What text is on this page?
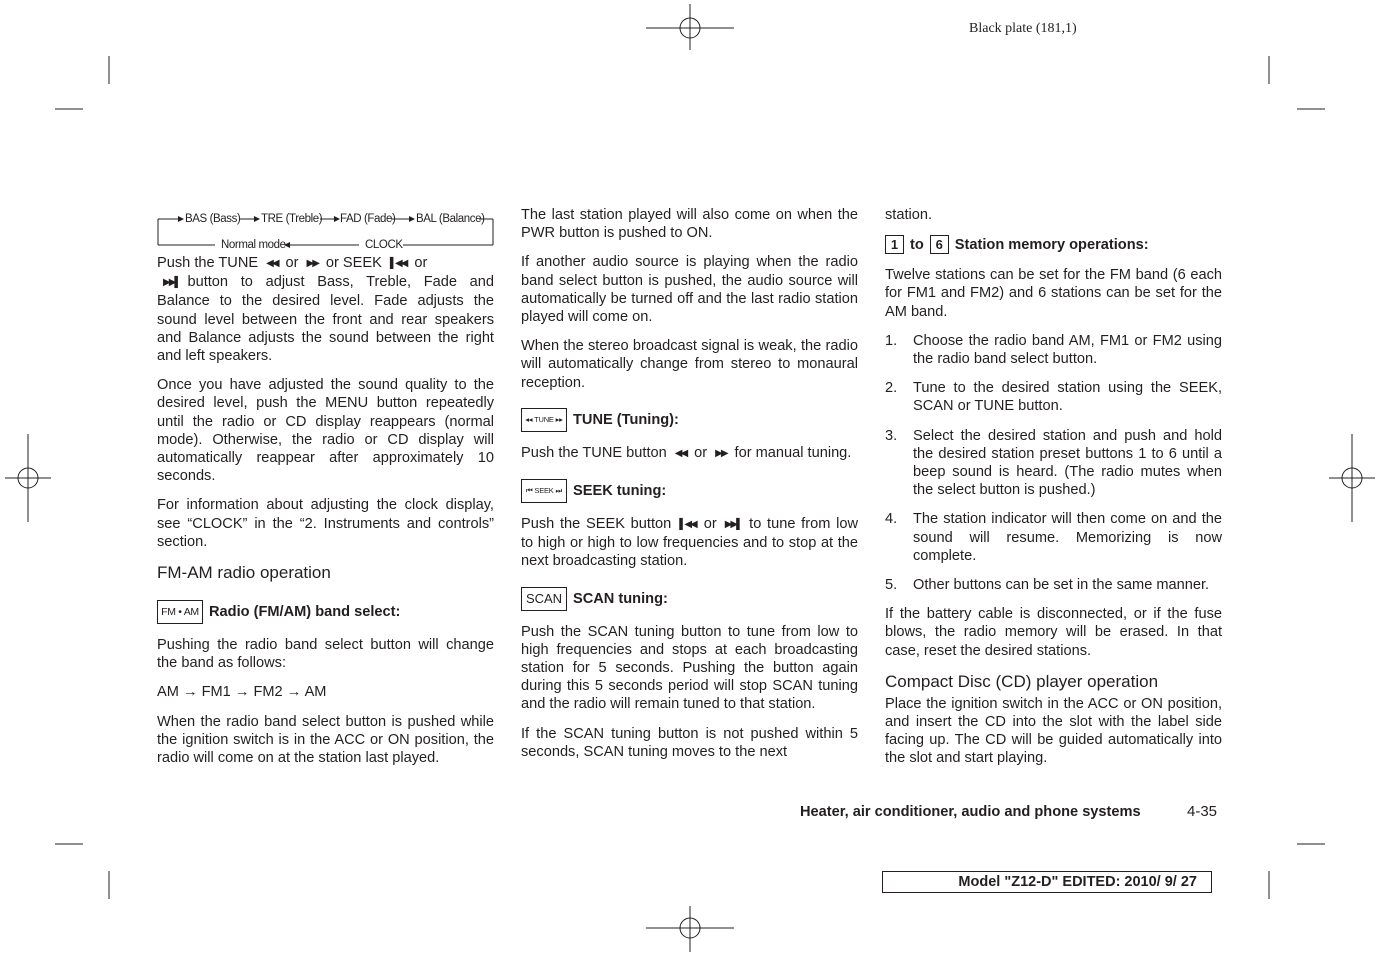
Black plate (181,1)
BAS (Bass) TRE (Treble) FAD (Fade) BAL (Balance)
Normal mode	CLOCK

Push the TUNE ◀◀ or ▶▶ or SEEK ▌◀◀ or
▶▶▌ button to adjust Bass, Treble, Fade and Balance to the desired level. Fade adjusts the sound level between the front and rear speakers and Balance adjusts the sound between the right and left speakers.

Once you have adjusted the sound quality to the desired level, push the MENU button repeatedly until the radio or CD display reappears (normal mode). Otherwise, the radio or CD display will automatically reappear after approximately 10 seconds.

For information about adjusting the clock display, see “CLOCK” in the “2. Instruments and controls” section.

FM-AM radio operation
FM • AM Radio (FM/AM) band select:

Pushing the radio band select button will change the band as follows:

AM → FM1 → FM2 → AM

When the radio band select button is pushed while the ignition switch is in the ACC or ON position, the radio will come on at the station last played.

The last station played will also come on when the PWR button is pushed to ON.

If another audio source is playing when the radio band select button is pushed, the audio source will automatically be turned off and the last radio station played will come on.

When the stereo broadcast signal is weak, the radio will automatically change from stereo to monaural reception.

◂◂ TUNE ▸▸ TUNE (Tuning):

Push the TUNE button ◀◀ or ▶▶ for manual tuning.

⏮ SEEK ⏭ SEEK tuning:

Push the SEEK button ▌◀◀ or ▶▶▌ to tune from low to high or high to low frequencies and to stop at the next broadcasting station.

SCAN SCAN tuning:

Push the SCAN tuning button to tune from low to high frequencies and stops at each broadcasting station for 5 seconds. Pushing the button again during this 5 seconds period will stop SCAN tuning and the radio will remain tuned to that station.

If the SCAN tuning button is not pushed within 5 seconds, SCAN tuning moves to the next

station.

1 to 6 Station memory operations:

Twelve stations can be set for the FM band (6 each for FM1 and FM2) and 6 stations can be set for the AM band.

1.	Choose the radio band AM, FM1 or FM2 using the radio band select button.
2.	Tune to the desired station using the SEEK, SCAN or TUNE button.
3.	Select the desired station and push and hold the desired station preset buttons 1 to 6 until a beep sound is heard. (The radio mutes when the select button is pushed.)
4.	The station indicator will then come on and the sound will resume. Memorizing is now complete.
5.	Other buttons can be set in the same manner.

If the battery cable is disconnected, or if the fuse blows, the radio memory will be erased. In that case, reset the desired stations.

Compact Disc (CD) player operation

Place the ignition switch in the ACC or ON position, and insert the CD into the slot with the label side facing up. The CD will be guided automatically into the slot and start playing.

Heater, air conditioner, audio and phone systems	4-35
Model "Z12-D" EDITED: 2010/ 9/ 27
